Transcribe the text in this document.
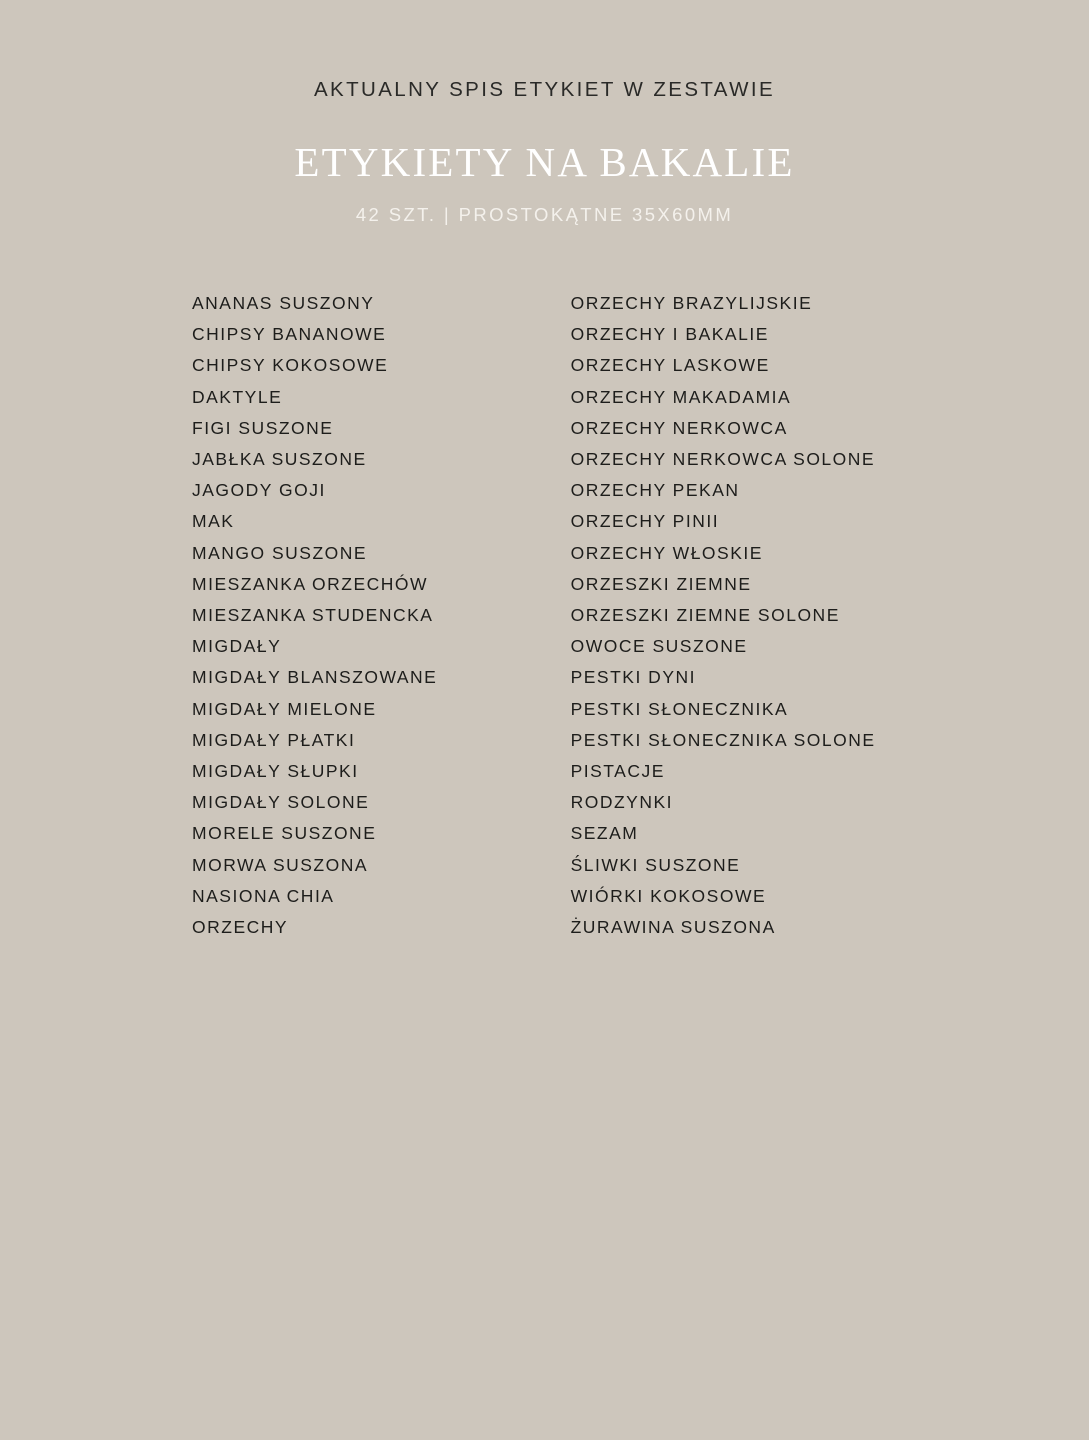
AKTUALNY SPIS ETYKIET W ZESTAWIE
ETYKIETY NA BAKALIE
42 SZT. | PROSTOKĄTNE 35X60MM
ANANAS SUSZONY
CHIPSY BANANOWE
CHIPSY KOKOSOWE
DAKTYLE
FIGI SUSZONE
JABŁKA SUSZONE
JAGODY GOJI
MAK
MANGO SUSZONE
MIESZANKA ORZECHÓW
MIESZANKA STUDENCKA
MIGDAŁY
MIGDAŁY BLANSZOWANE
MIGDAŁY MIELONE
MIGDAŁY PŁATKI
MIGDAŁY SŁUPKI
MIGDAŁY SOLONE
MORELE SUSZONE
MORWA SUSZONA
NASIONA CHIA
ORZECHY
ORZECHY BRAZYLIJSKIE
ORZECHY I BAKALIE
ORZECHY LASKOWE
ORZECHY MAKADAMIA
ORZECHY NERKOWCA
ORZECHY NERKOWCA SOLONE
ORZECHY PEKAN
ORZECHY PINII
ORZECHY WŁOSKIE
ORZESZKI ZIEMNE
ORZESZKI ZIEMNE SOLONE
OWOCE SUSZONE
PESTKI DYNI
PESTKI SŁONECZNIKA
PESTKI SŁONECZNIKA SOLONE
PISTACJE
RODZYNKI
SEZAM
ŚLIWKI SUSZONE
WIÓRKI KOKOSOWE
ŻURAWINA SUSZONA
